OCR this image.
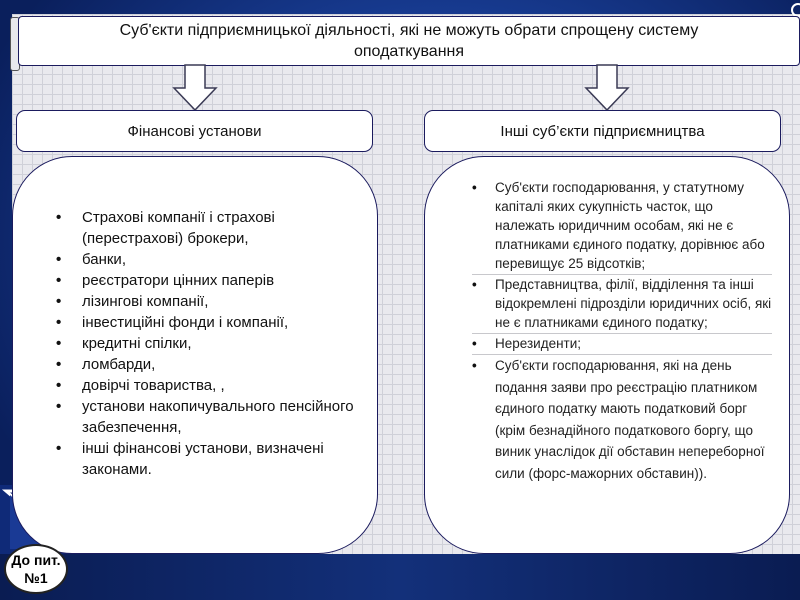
Суб'єкти підприємницької діяльності, які не можуть обрати спрощену систему оподаткування
Фінансові установи	Інші суб’єкти підприємництва
• Страхові компанії і страхові (перестрахові) брокери,
• банки,
• реєстратори цінних паперів
• лізингові компанії,
• інвестиційні фонди і компанії,
• кредитні спілки,
• ломбарди,
• довірчі товариства, ,
• установи накопичувального пенсійного забезпечення,
• інші фінансові установи, визначені законами.
• Суб'єкти господарювання, у статутному капіталі яких сукупність часток, що належать юридичним особам, які не є платниками єдиного податку, дорівнює або перевищує 25 відсотків;
• Представництва, філії, відділення та інші відокремлені підрозділи юридичних осіб, які не є платниками єдиного податку;
• Нерезиденти;
• Суб'єкти господарювання, які на день подання заяви про реєстрацію платником єдиного податку мають податковий борг (крім безнадійного податкового боргу, що виник унаслідок дії обставин непереборної сили (форс-мажорних обставин)).
До пит.
№1
